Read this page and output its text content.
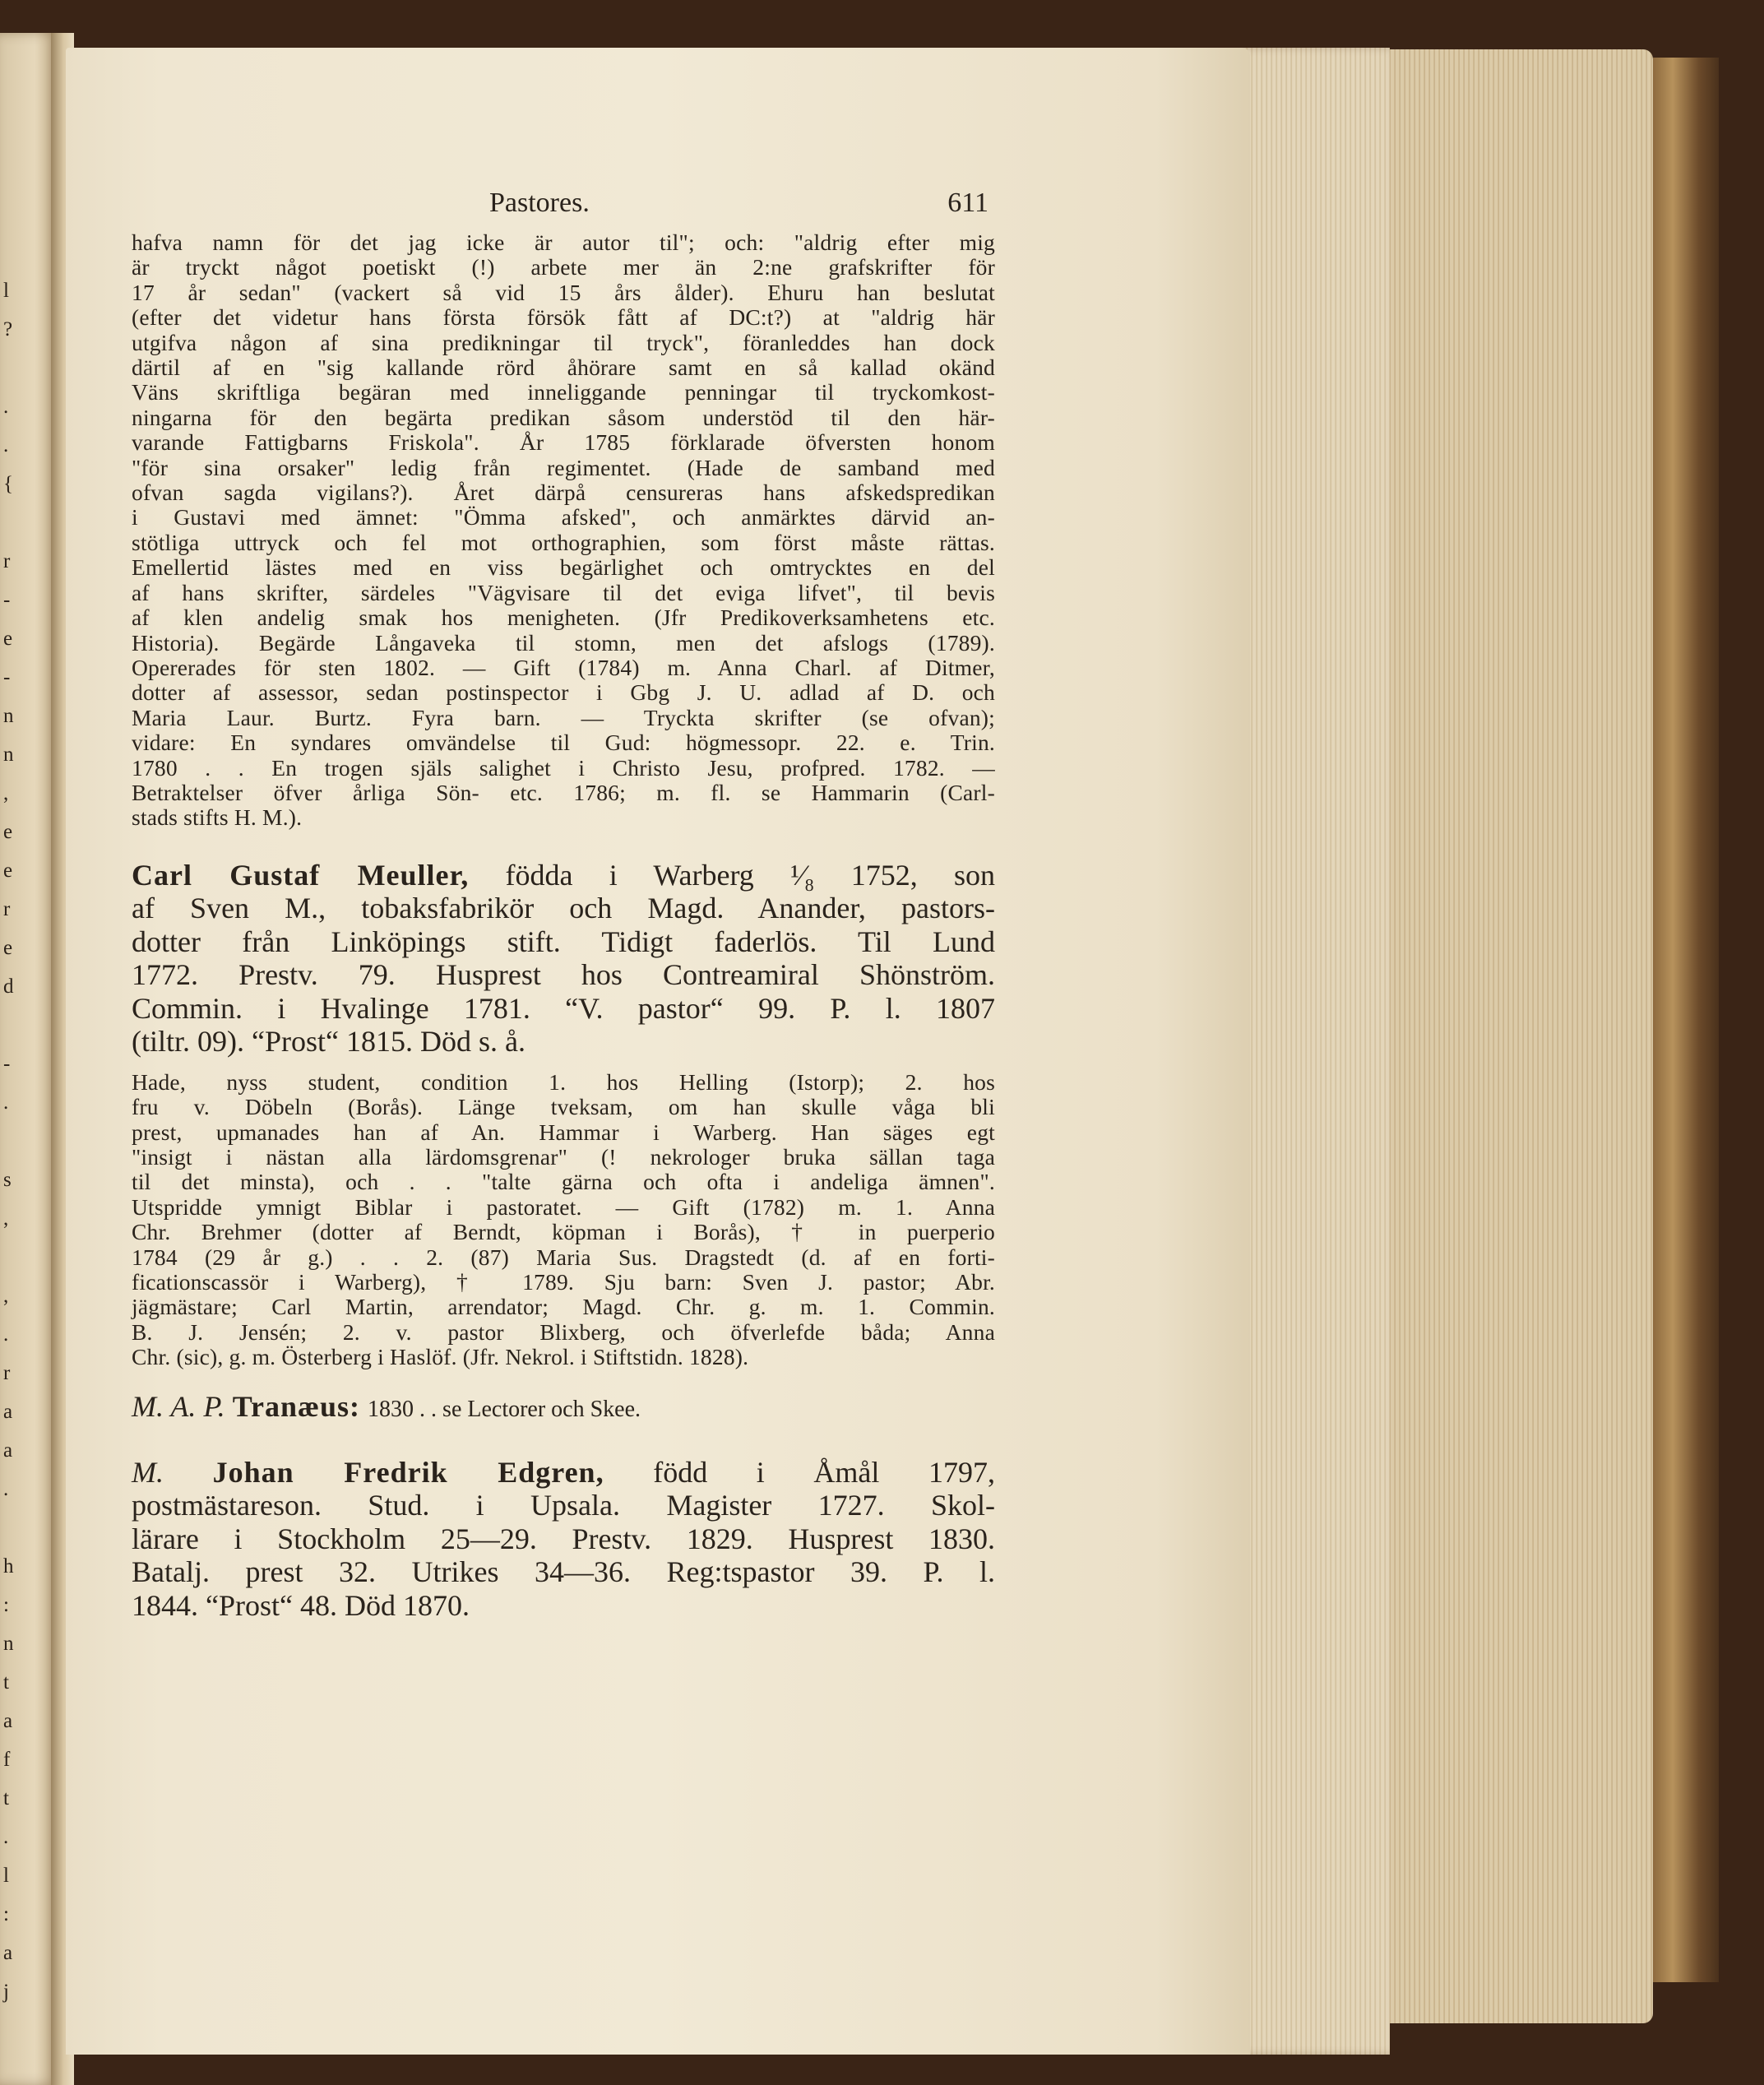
l
?

.
.
{

r
-
e
-
n
n
,
e
e
r
e
d

-
.

s
,

,
.
r
a
a
.

h
:
n
t
a
f
t
.
l
:
a
j
Pastores.	611

hafva namn för det jag icke är autor til"; och: "aldrig efter mig
är tryckt något poetiskt (!) arbete mer än 2:ne grafskrifter för
17 år sedan" (vackert så vid 15 års ålder). Ehuru han beslutat
(efter det videtur hans första försök fått af DC:t?) at "aldrig här
utgifva någon af sina predikningar til tryck", föranleddes han dock
därtil af en "sig kallande rörd åhörare samt en så kallad okänd
Väns skriftliga begäran med inneliggande penningar til tryckomkost-
ningarna för den begärta predikan såsom understöd til den här-
varande Fattigbarns Friskola". År 1785 förklarade öfversten honom
"för sina orsaker" ledig från regimentet. (Hade de samband med
ofvan sagda vigilans?). Året därpå censureras hans afskedspredikan
i Gustavi med ämnet: "Ömma afsked", och anmärktes därvid an-
stötliga uttryck och fel mot orthographien, som först måste rättas.
Emellertid lästes med en viss begärlighet och omtrycktes en del
af hans skrifter, särdeles "Vägvisare til det eviga lifvet", til bevis
af klen andelig smak hos menigheten. (Jfr Predikoverksamhetens etc.
Historia). Begärde Långaveka til stomn, men det afslogs (1789).
Opererades för sten 1802. — Gift (1784) m. Anna Charl. af Ditmer,
dotter af assessor, sedan postinspector i Gbg J. U. adlad af D. och
Maria Laur. Burtz. Fyra barn. — Tryckta skrifter (se ofvan);
vidare: En syndares omvändelse til Gud: högmessopr. 22. e. Trin.
1780 . . En trogen själs salighet i Christo Jesu, profpred. 1782. —
Betraktelser öfver årliga Sön- etc. 1786; m. fl. se Hammarin (Carl-
stads stifts H. M.).

Carl Gustaf Meuller, födda i Warberg ¹⁄₈ 1752, son
af Sven M., tobaksfabrikör och Magd. Anander, pastors-
dotter från Linköpings stift. Tidigt faderlös. Til Lund
1772. Prestv. 79. Husprest hos Contreamiral Shönström.
Commin. i Hvalinge 1781. “V. pastor“ 99. P. l. 1807
(tiltr. 09). “Prost“ 1815. Död s. å.

Hade, nyss student, condition 1. hos Helling (Istorp); 2. hos
fru v. Döbeln (Borås). Länge tveksam, om han skulle våga bli
prest, upmanades han af An. Hammar i Warberg. Han säges egt
"insigt i nästan alla lärdomsgrenar" (! nekrologer bruka sällan taga
til det minsta), och . . "talte gärna och ofta i andeliga ämnen".
Utspridde ymnigt Biblar i pastoratet. — Gift (1782) m. 1. Anna
Chr. Brehmer (dotter af Berndt, köpman i Borås), † in puerperio
1784 (29 år g.) . . 2. (87) Maria Sus. Dragstedt (d. af en forti-
ficationscassör i Warberg), † 1789. Sju barn: Sven J. pastor; Abr.
jägmästare; Carl Martin, arrendator; Magd. Chr. g. m. 1. Commin.
B. J. Jensén; 2. v. pastor Blixberg, och öfverlefde båda; Anna
Chr. (sic), g. m. Österberg i Haslöf. (Jfr. Nekrol. i Stiftstidn. 1828).

M. A. P. Tranæus: 1830 . . se Lectorer och Skee.

M. Johan Fredrik Edgren, född i Åmål 1797,
postmästareson. Stud. i Upsala. Magister 1727. Skol-
lärare i Stockholm 25—29. Prestv. 1829. Husprest 1830.
Batalj. prest 32. Utrikes 34—36. Reg:tspastor 39. P. l.
1844. “Prost“ 48. Död 1870.
